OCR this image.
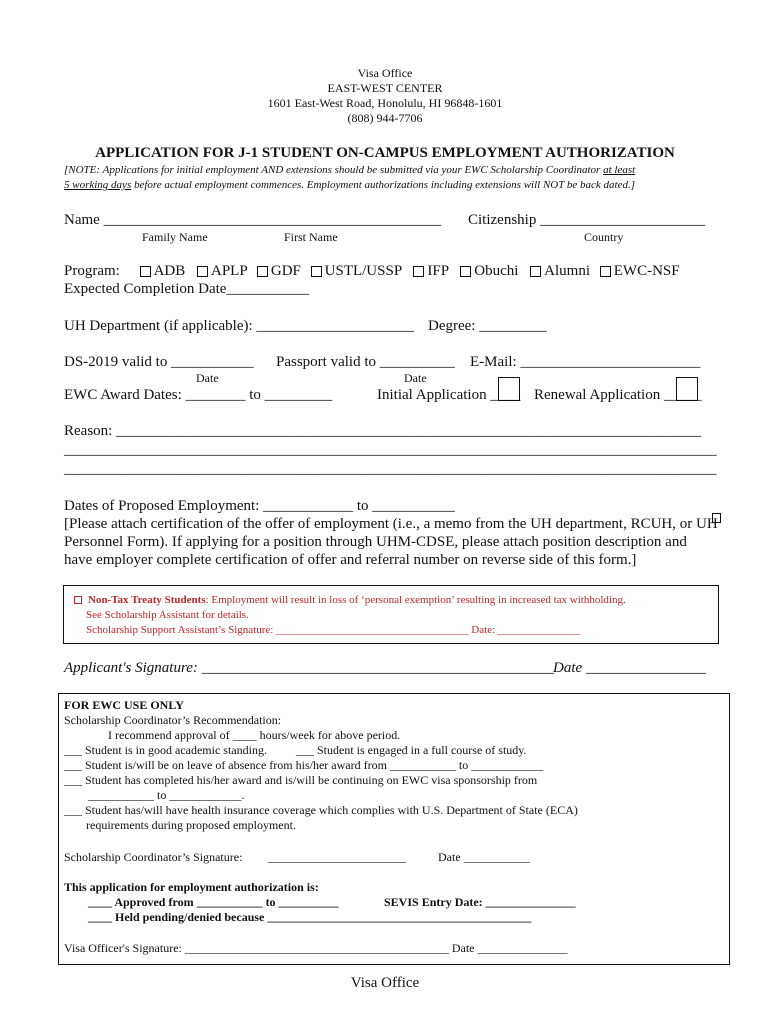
Visa Office
EAST-WEST CENTER
1601 East-West Road, Honolulu, HI 96848-1601
(808) 944-7706
APPLICATION FOR J-1 STUDENT ON-CAMPUS EMPLOYMENT AUTHORIZATION
[NOTE: Applications for initial employment AND extensions should be submitted via your EWC Scholarship Coordinator at least
5 working days before actual employment commences. Employment authorizations including extensions will NOT be back dated.]
Name _____________________________________________ Citizenship ______________________
Family Name	First Name	Country
Program: ADB APLP GDF USTL/USSP IFP Obuchi Alumni EWC-NSF
Expected Completion Date___________
UH Department (if applicable): _____________________ Degree: _________
DS-2019 valid to ___________ Passport valid to __________ E-Mail: ________________________
Date	Date
EWC Award Dates: ________ to _________	Initial Application ____ Renewal Application _____
Reason: ______________________________________________________________________________
_______________________________________________________________________________________
_______________________________________________________________________________________
Dates of Proposed Employment: ____________ to ___________
[Please attach certification of the offer of employment (i.e., a memo from the UH department, RCUH, or UH
Personnel Form). If applying for a position through UHM-CDSE, please attach position description and
have employer complete certification of offer and referral number on reverse side of this form.]
Non-Tax Treaty Students: Employment will result in loss of ‘personal exemption’ resulting in increased tax withholding.
See Scholarship Assistant for details.
Scholarship Support Assistant’s Signature: ___________________________________ Date: _______________
Applicant's Signature: _______________________________________________
Date ________________
FOR EWC USE ONLY
Scholarship Coordinator’s Recommendation:
I recommend approval of ____ hours/week for above period.
___ Student is in good academic standing. ___ Student is engaged in a full course of study.
___ Student is/will be on leave of absence from his/her award from ___________ to ____________
___ Student has completed his/her award and is/will be continuing on EWC visa sponsorship from
___________ to ____________.
___ Student has/will have health insurance coverage which complies with U.S. Department of State (ECA)
requirements during proposed employment.
Scholarship Coordinator’s Signature: _______________________	Date ___________
This application for employment authorization is:
____ Approved from ___________ to __________	SEVIS Entry Date: _______________
____ Held pending/denied because ____________________________________________
Visa Officer's Signature: ____________________________________________ Date _______________
Visa Office
